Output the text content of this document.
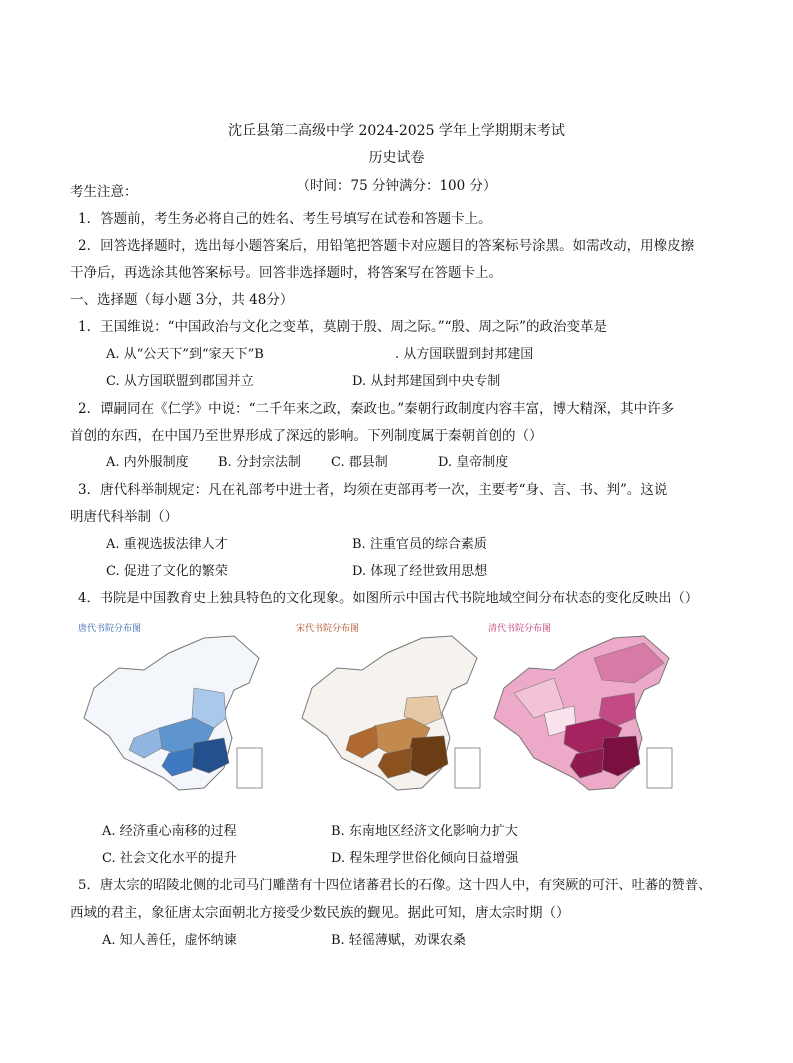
沈丘县第二高级中学 2024-2025 学年上学期期末考试
历史试卷
（时间：75 分钟满分：100 分）
考生注意：
1．答题前，考生务必将自己的姓名、考生号填写在试卷和答题卡上。
2．回答选择题时，选出每小题答案后，用铅笔把答题卡对应题目的答案标号涂黑。如需改动，用橡皮擦
干净后，再选涂其他答案标号。回答非选择题时，将答案写在答题卡上。
一、选择题（每小题 3分，共 48分）
1．王国维说：“中国政治与文化之变革，莫剧于殷、周之际。”“殷、周之际”的政治变革是
A. 从“公天下”到“家天下”B	. 从方国联盟到封邦建国
C. 从方国联盟到郡国并立	D. 从封邦建国到中央专制
2．谭嗣同在《仁学》中说：“二千年来之政，秦政也。”秦朝行政制度内容丰富，博大精深，其中许多
首创的东西，在中国乃至世界形成了深远的影响。下列制度属于秦朝首创的（）
A. 内外服制度 B. 分封宗法制 C. 郡县制	D. 皇帝制度
3．唐代科举制规定：凡在礼部考中进士者，均须在吏部再考一次，主要考“身、言、书、判”。这说
明唐代科举制（）
A. 重视选拔法律人才	B. 注重官员的综合素质
C. 促进了文化的繁荣	D. 体现了经世致用思想
4．书院是中国教育史上独具特色的文化现象。如图所示中国古代书院地域空间分布状态的变化反映出（）
唐代书院分布图	宋代书院分布图	清代书院分布图
A. 经济重心南移的过程	B. 东南地区经济文化影响力扩大
C. 社会文化水平的提升	D. 程朱理学世俗化倾向日益增强
5．唐太宗的昭陵北侧的北司马门雕凿有十四位诸蕃君长的石像。这十四人中，有突厥的可汗、吐蕃的赞普、
西域的君主，象征唐太宗面朝北方接受少数民族的觐见。据此可知，唐太宗时期（）
A. 知人善任，虚怀纳谏	B. 轻徭薄赋，劝课农桑
